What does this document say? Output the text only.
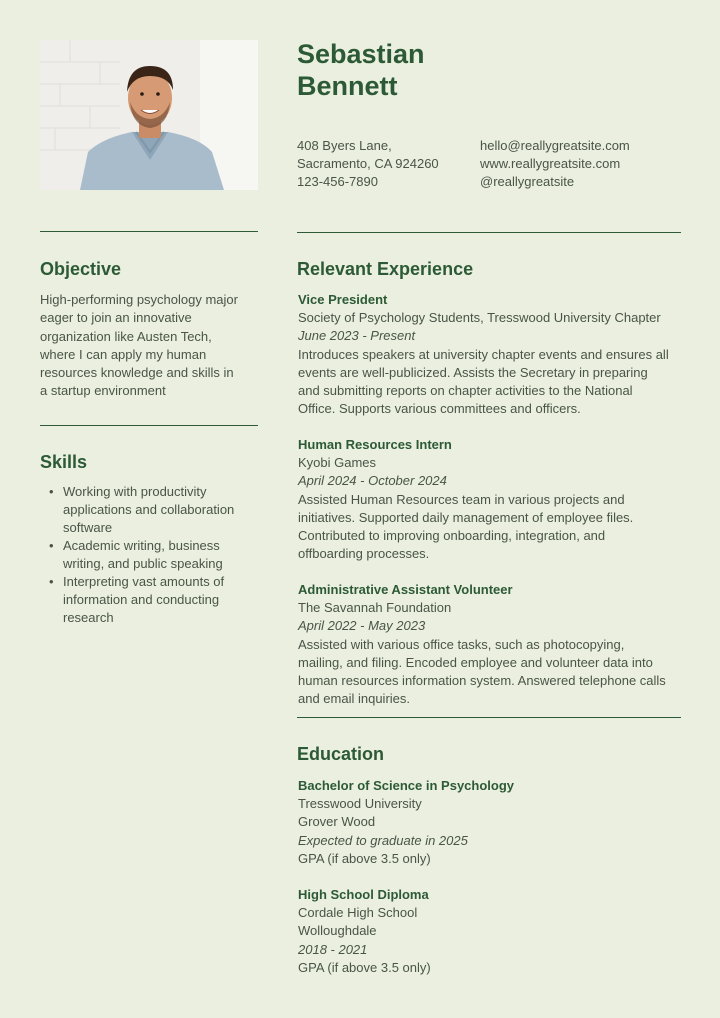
Sebastian
Bennett
408 Byers Lane,
Sacramento, CA 924260
123-456-7890
hello@reallygreatsite.com
www.reallygreatsite.com
@reallygreatsite
Objective
High-performing psychology major
eager to join an innovative
organization like Austen Tech,
where I can apply my human
resources knowledge and skills in
a startup environment
Skills
• Working with productivity
applications and collaboration
software
• Academic writing, business
writing, and public speaking
• Interpreting vast amounts of
information and conducting
research
Relevant Experience
Vice President
Society of Psychology Students, Tresswood University Chapter
June 2023 - Present
Introduces speakers at university chapter events and ensures all
events are well-publicized. Assists the Secretary in preparing
and submitting reports on chapter activities to the National
Office. Supports various committees and officers.
Human Resources Intern
Kyobi Games
April 2024 - October 2024
Assisted Human Resources team in various projects and
initiatives. Supported daily management of employee files.
Contributed to improving onboarding, integration, and
offboarding processes.
Administrative Assistant Volunteer
The Savannah Foundation
April 2022 - May 2023
Assisted with various office tasks, such as photocopying,
mailing, and filing. Encoded employee and volunteer data into
human resources information system. Answered telephone calls
and email inquiries.
Education
Bachelor of Science in Psychology
Tresswood University
Grover Wood
Expected to graduate in 2025
GPA (if above 3.5 only)
High School Diploma
Cordale High School
Wolloughdale
2018 - 2021
GPA (if above 3.5 only)
